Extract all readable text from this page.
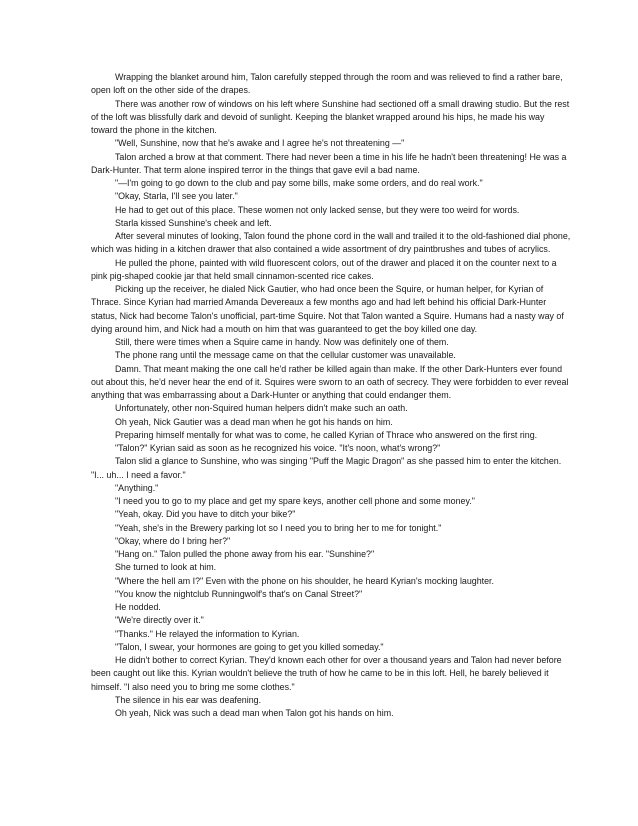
Wrapping the blanket around him, Talon carefully stepped through the room and was relieved to find a rather bare, open loft on the other side of the drapes.

There was another row of windows on his left where Sunshine had sectioned off a small drawing studio. But the rest of the loft was blissfully dark and devoid of sunlight. Keeping the blanket wrapped around his hips, he made his way toward the phone in the kitchen.

"Well, Sunshine, now that he's awake and I agree he's not threatening —"

Talon arched a brow at that comment. There had never been a time in his life he hadn't been threatening! He was a Dark-Hunter. That term alone inspired terror in the things that gave evil a bad name.

"—I'm going to go down to the club and pay some bills, make some orders, and do real work."

"Okay, Starla, I'll see you later."

He had to get out of this place. These women not only lacked sense, but they were too weird for words.

Starla kissed Sunshine's cheek and left.

After several minutes of looking, Talon found the phone cord in the wall and trailed it to the old-fashioned dial phone, which was hiding in a kitchen drawer that also contained a wide assortment of dry paintbrushes and tubes of acrylics.

He pulled the phone, painted with wild fluorescent colors, out of the drawer and placed it on the counter next to a pink pig-shaped cookie jar that held small cinnamon-scented rice cakes.

Picking up the receiver, he dialed Nick Gautier, who had once been the Squire, or human helper, for Kyrian of Thrace. Since Kyrian had married Amanda Devereaux a few months ago and had left behind his official Dark-Hunter status, Nick had become Talon's unofficial, part-time Squire. Not that Talon wanted a Squire. Humans had a nasty way of dying around him, and Nick had a mouth on him that was guaranteed to get the boy killed one day.

Still, there were times when a Squire came in handy. Now was definitely one of them.

The phone rang until the message came on that the cellular customer was unavailable.

Damn. That meant making the one call he'd rather be killed again than make. If the other Dark-Hunters ever found out about this, he'd never hear the end of it. Squires were sworn to an oath of secrecy. They were forbidden to ever reveal anything that was embarrassing about a Dark-Hunter or anything that could endanger them.

Unfortunately, other non-Squired human helpers didn't make such an oath.

Oh yeah, Nick Gautier was a dead man when he got his hands on him.

Preparing himself mentally for what was to come, he called Kyrian of Thrace who answered on the first ring.

"Talon?" Kyrian said as soon as he recognized his voice. "It's noon, what's wrong?"

Talon slid a glance to Sunshine, who was singing "Puff the Magic Dragon" as she passed him to enter the kitchen. "I... uh... I need a favor."

"Anything."

"I need you to go to my place and get my spare keys, another cell phone and some money."

"Yeah, okay. Did you have to ditch your bike?"

"Yeah, she's in the Brewery parking lot so I need you to bring her to me for tonight."

"Okay, where do I bring her?"

"Hang on." Talon pulled the phone away from his ear. "Sunshine?"

She turned to look at him.

"Where the hell am I?" Even with the phone on his shoulder, he heard Kyrian's mocking laughter.

"You know the nightclub Runningwolf's that's on Canal Street?"

He nodded.

"We're directly over it."

"Thanks." He relayed the information to Kyrian.

"Talon, I swear, your hormones are going to get you killed someday."

He didn't bother to correct Kyrian. They'd known each other for over a thousand years and Talon had never before been caught out like this. Kyrian wouldn't believe the truth of how he came to be in this loft. Hell, he barely believed it himself. "I also need you to bring me some clothes."

The silence in his ear was deafening.

Oh yeah, Nick was such a dead man when Talon got his hands on him.
